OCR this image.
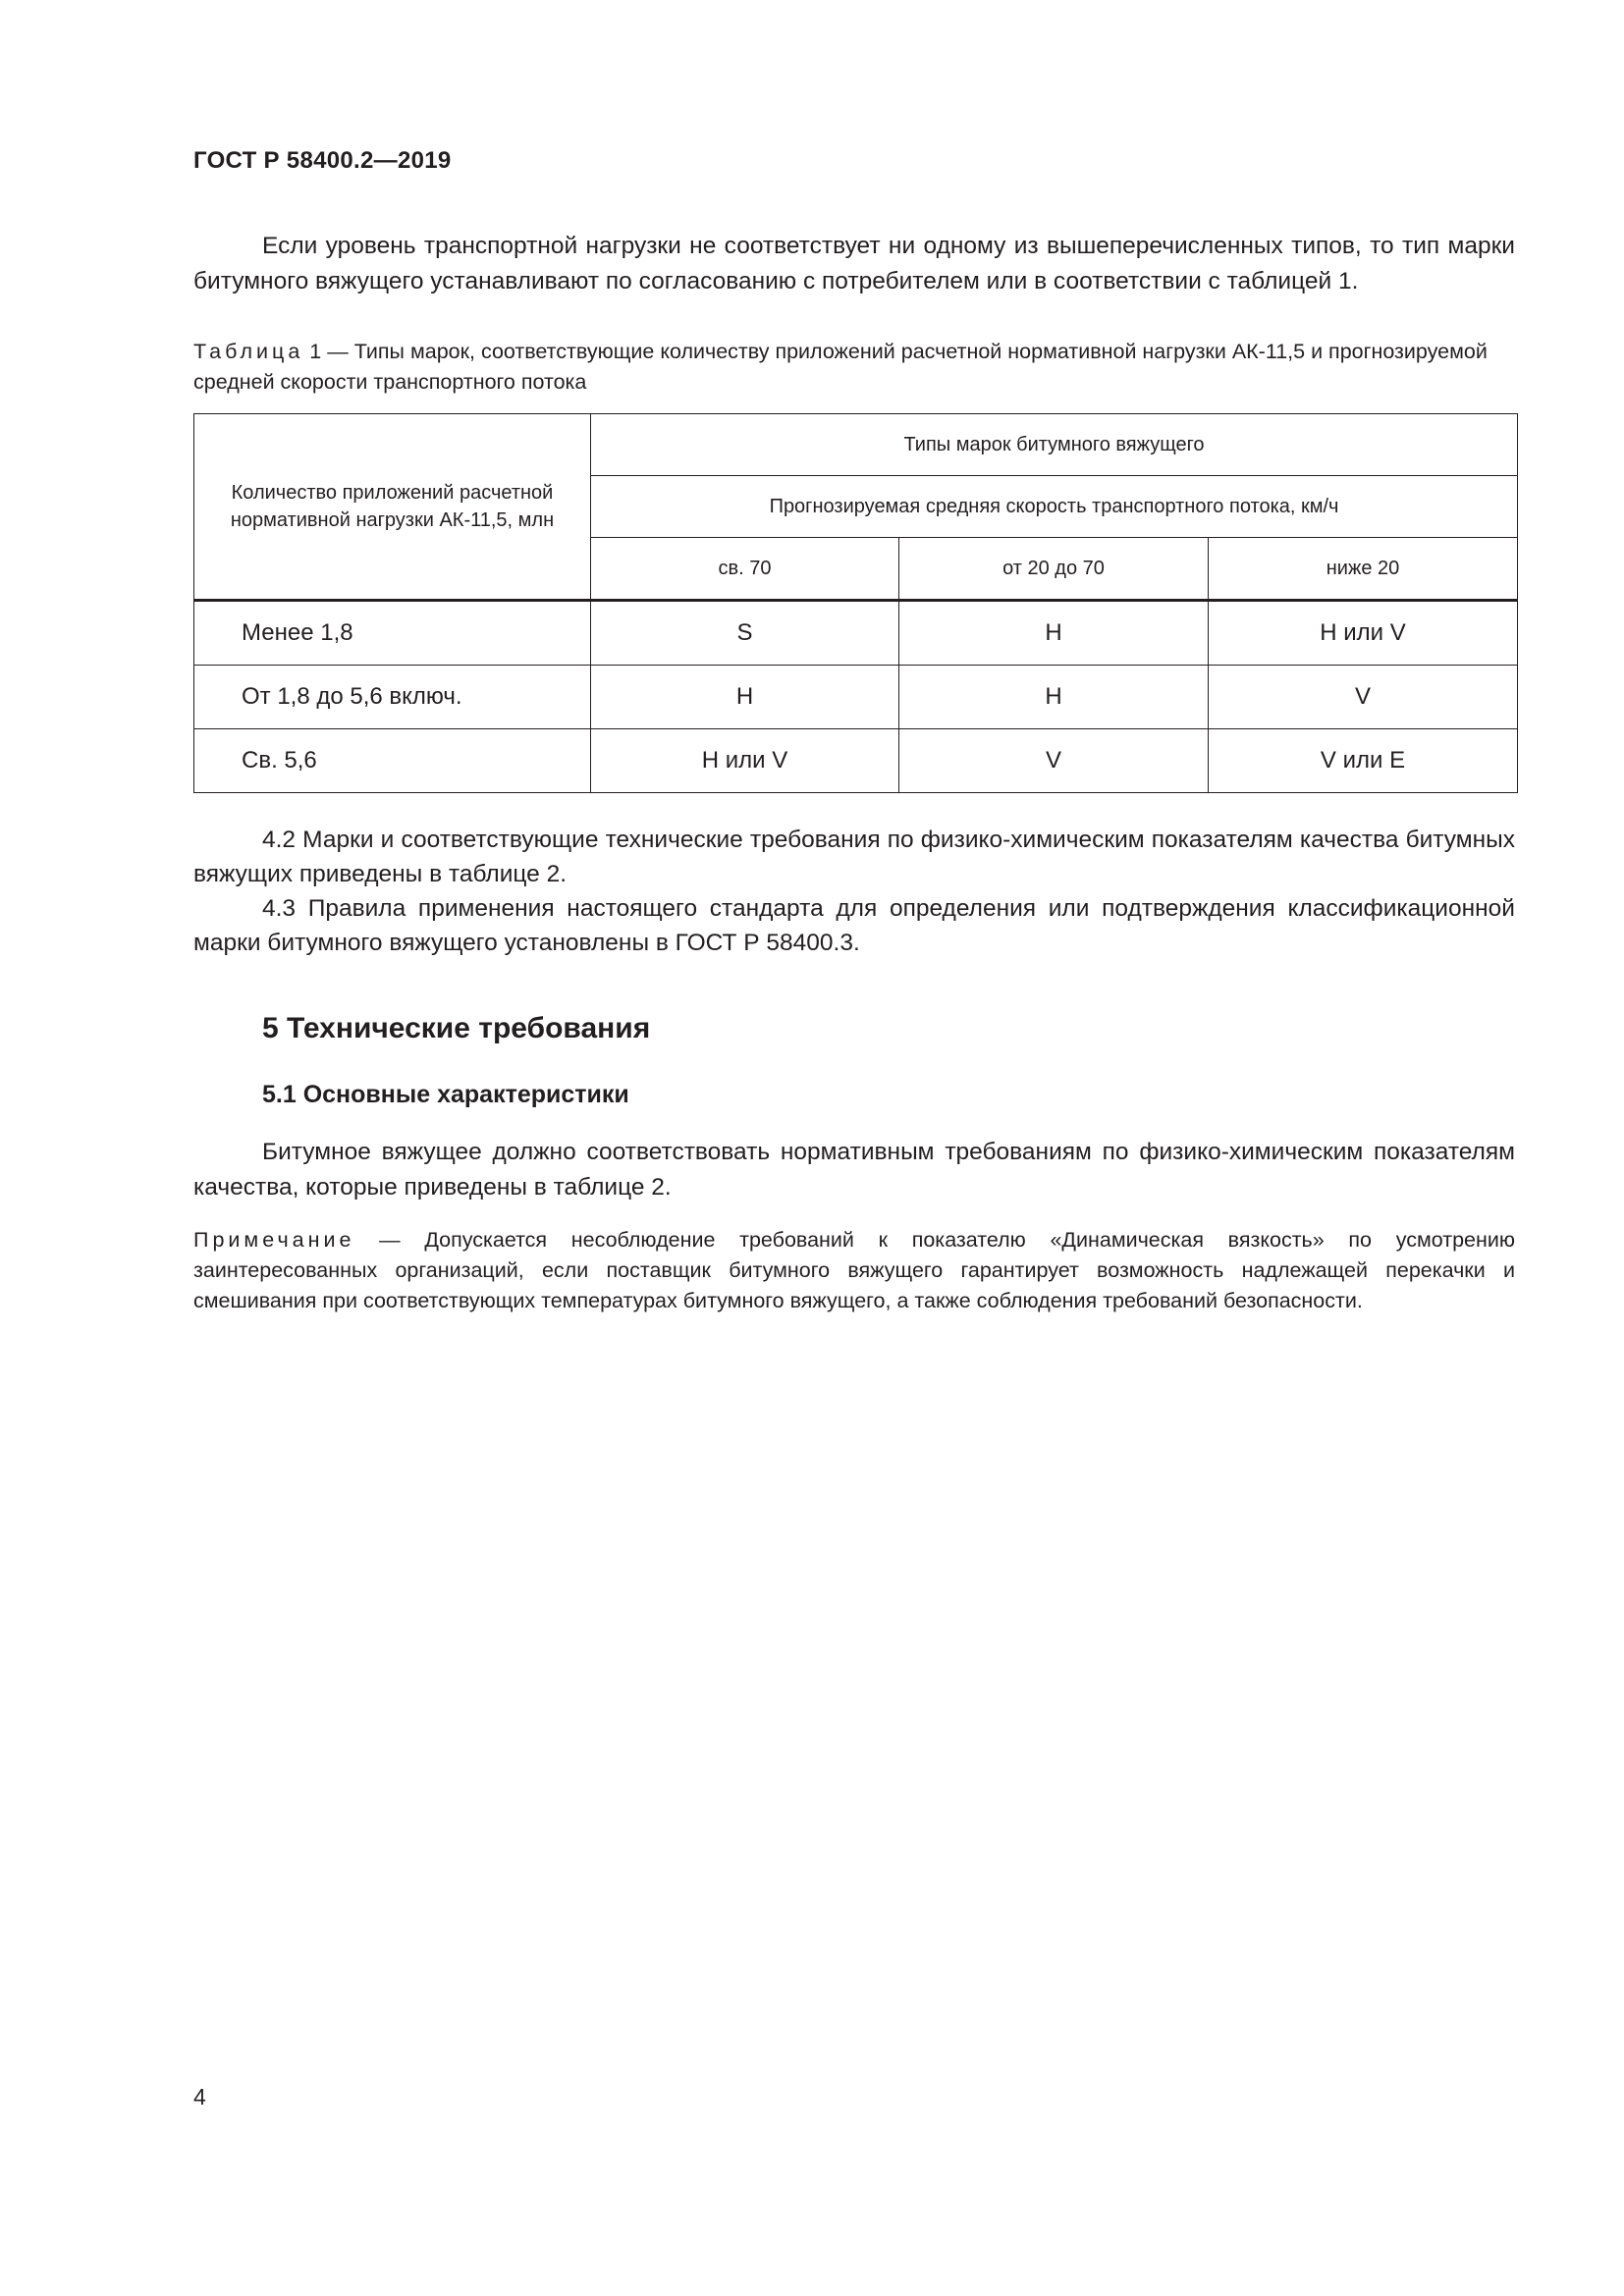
ГОСТ Р 58400.2—2019

Если уровень транспортной нагрузки не соответствует ни одному из вышеперечисленных типов, то тип марки битумного вяжущего устанавливают по согласованию с потребителем или в соответствии с таблицей 1.

Таблица 1 — Типы марок, соответствующие количеству приложений расчетной нормативной нагрузки АК-11,5 и прогнозируемой средней скорости транспортного потока

Количество приложений расчетной нормативной нагрузки АК-11,5, млн	Типы марок битумного вяжущего		
	Прогнозируемая средняя скорость транспортного потока, км/ч		
	св. 70	от 20 до 70	ниже 20
Менее 1,8	S	H	H или V
От 1,8 до 5,6 включ.	H	H	V
Св. 5,6	H или V	V	V или E

4.2 Марки и соответствующие технические требования по физико-химическим показателям качества битумных вяжущих приведены в таблице 2.

4.3 Правила применения настоящего стандарта для определения или подтверждения классификационной марки битумного вяжущего установлены в ГОСТ Р 58400.3.

5 Технические требования
5.1 Основные характеристики

Битумное вяжущее должно соответствовать нормативным требованиям по физико-химическим показателям качества, которые приведены в таблице 2.

Примечание — Допускается несоблюдение требований к показателю «Динамическая вязкость» по усмотрению заинтересованных организаций, если поставщик битумного вяжущего гарантирует возможность надлежащей перекачки и смешивания при соответствующих температурах битумного вяжущего, а также соблюдения требований безопасности.

4
